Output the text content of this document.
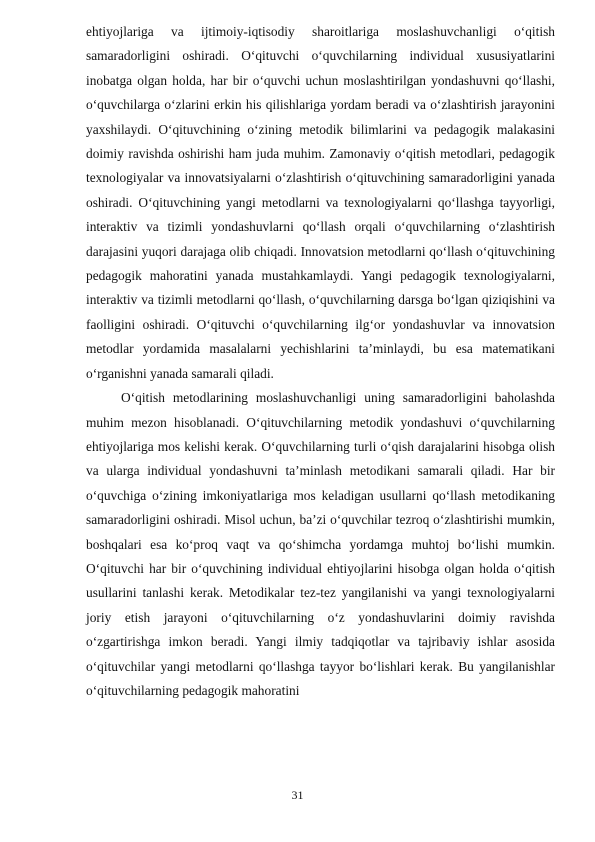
ehtiyojlariga va ijtimoiy-iqtisodiy sharoitlariga moslashuvchanligi o‘qitish samaradorligini oshiradi. O‘qituvchi o‘quvchilarning individual xususiyatlarini inobatga olgan holda, har bir o‘quvchi uchun moslashtirilgan yondashuvni qo‘llashi, o‘quvchilarga o‘zlarini erkin his qilishlariga yordam beradi va o‘zlashtirish jarayonini yaxshilaydi. O‘qituvchining o‘zining metodik bilimlarini va pedagogik malakasini doimiy ravishda oshirishi ham juda muhim. Zamonaviy o‘qitish metodlari, pedagogik texnologiyalar va innovatsiyalarni o‘zlashtirish o‘qituvchining samaradorligini yanada oshiradi. O‘qituvchining yangi metodlarni va texnologiyalarni qo‘llashga tayyorligi, interaktiv va tizimli yondashuvlarni qo‘llash orqali o‘quvchilarning o‘zlashtirish darajasini yuqori darajaga olib chiqadi. Innovatsion metodlarni qo‘llash o‘qituvchining pedagogik mahoratini yanada mustahkamlaydi. Yangi pedagogik texnologiyalarni, interaktiv va tizimli metodlarni qo‘llash, o‘quvchilarning darsga bo‘lgan qiziqishini va faolligini oshiradi. O‘qituvchi o‘quvchilarning ilg‘or yondashuvlar va innovatsion metodlar yordamida masalalarni yechishlarini ta’minlaydi, bu esa matematikani o‘rganishni yanada samarali qiladi.

O‘qitish metodlarining moslashuvchanligi uning samaradorligini baholashda muhim mezon hisoblanadi. O‘qituvchilarning metodik yondashuvi o‘quvchilarning ehtiyojlariga mos kelishi kerak. O‘quvchilarning turli o‘qish darajalarini hisobga olish va ularga individual yondashuvni ta’minlash metodikani samarali qiladi. Har bir o‘quvchiga o‘zining imkoniyatlariga mos keladigan usullarni qo‘llash metodikaning samaradorligini oshiradi. Misol uchun, ba’zi o‘quvchilar tezroq o‘zlashtirishi mumkin, boshqalari esa ko‘proq vaqt va qo‘shimcha yordamga muhtoj bo‘lishi mumkin. O‘qituvchi har bir o‘quvchining individual ehtiyojlarini hisobga olgan holda o‘qitish usullarini tanlashi kerak. Metodikalar tez-tez yangilanishi va yangi texnologiyalarni joriy etish jarayoni o‘qituvchilarning o‘z yondashuvlarini doimiy ravishda o‘zgartirishga imkon beradi. Yangi ilmiy tadqiqotlar va tajribaviy ishlar asosida o‘qituvchilar yangi metodlarni qo‘llashga tayyor bo‘lishlari kerak. Bu yangilanishlar o‘qituvchilarning pedagogik mahoratini

31
